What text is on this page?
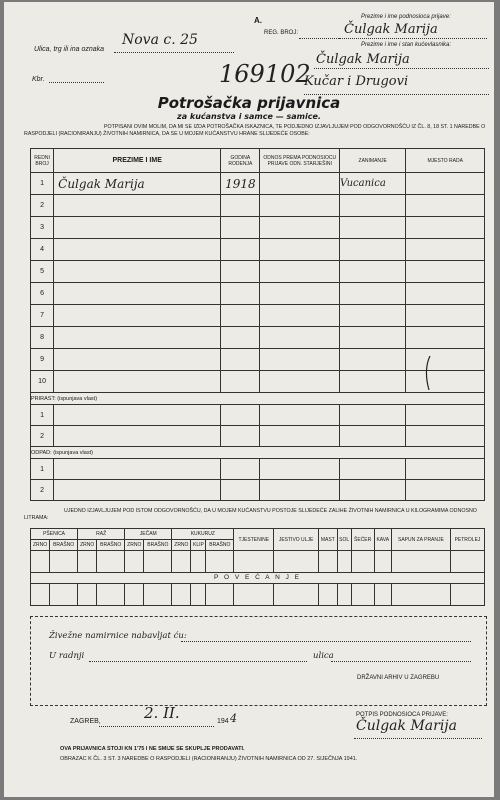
A.
REG. BROJ:
Prezime i ime podnosioca prijave:
Čulgak Marija
Prezime i ime i stan kućevlasnika:
Čulgak Marija
Kučar i Drugovi
Ulica, trg ili ina oznaka
Nova c. 25
Kbr.	169102
Potrošačka prijavnica
za kućanstva i samce — samice.
POTPISANI OVIM MOLIM, DA MI SE IZDA POTROŠAČKA ISKAZNICA, TE PODJEDNO IZJAVLJUJEM POD ODGOVORNOŠĆU IZ ČL. 8, 18 ST. 1 NAREDBE O RASPODJELI (RACIONIRANJU) ŽIVOTNIH NAMIRNICA, DA SE U MOJEM KUĆANSTVU HRANE SLIJEDEĆE OSOBE:
REDNI BROJ	PREZIME I IME	GODINA RODENJA	ODNOS PREMA PODNOSIOCU PRIJAVE ODN. STARJEŠINI	ZANIMANJE	MJESTO RADA
1	Čulgak Marija	1918		Vucanica	
2					
3					
4					
5					
6					
7					
8					
9					
10					
PRIRAST: (ispunjava vlast)					
1					
2					
ODPAD: (ispunjava vlast)					
1					
2					
UJEDNO IZJAVLJUJEM POD ISTOM ODGOVORNOŠĆU, DA U MOJEM KUĆANSTVU POSTOJE SLIJEDEĆE ZALIHE ŽIVOTNIH NAMIRNICA U KILOGRAMIMA ODNOSNO LITRAMA:
PŠENICA		RAŽ		JEČAM		KUKURUZ			TJESTENINE	JESTIVO ULJE	MAST	SOL	ŠEĆER	KAVA	SAPUN ZA PRANJE	PETROLEJ
ZRNO	BRAŠNO	ZRNO	BRAŠNO	ZRNO	BRAŠNO	ZRNO	KLIP	BRAŠNO								

P O V E Ć A N J E																

Živežne namirnice nabavljat ću:
U radnji	ulica
DRŽAVNI ARHIV U ZAGREBU
ZAGREB,	2. II.	194 4	POTPIS PODNOSIOCA PRIJAVE:
Čulgak Marija
OVA PRIJAVNICA STOJI KN 1'75 I NE SMIJE SE SKUPLJE PRODAVATI.
OBRAZAC K ČL. 3 ST. 3 NAREDBE O RASPODJELI (RACIONIRANJU) ŽIVOTNIH NAMIRNICA OD 27. SIJEČNJA 1941.
